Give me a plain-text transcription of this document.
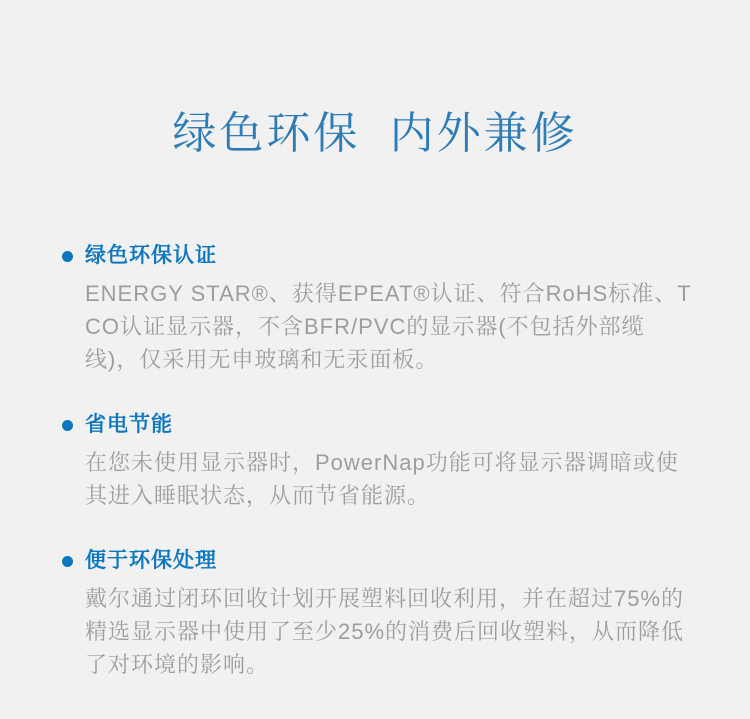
绿色环保 内外兼修
绿色环保认证

ENERGY STAR®、获得EPEAT®认证、符合RoHS标准、TCO认证显示器，不含BFR/PVC的显示器(不包括外部缆线)，仅采用无申玻璃和无汞面板。

省电节能

在您未使用显示器时，PowerNap功能可将显示器调暗或使其进入睡眠状态，从而节省能源。

便于环保处理

戴尔通过闭环回收计划开展塑料回收利用，并在超过75%的精选显示器中使用了至少25%的消费后回收塑料，从而降低了对环境的影响。
